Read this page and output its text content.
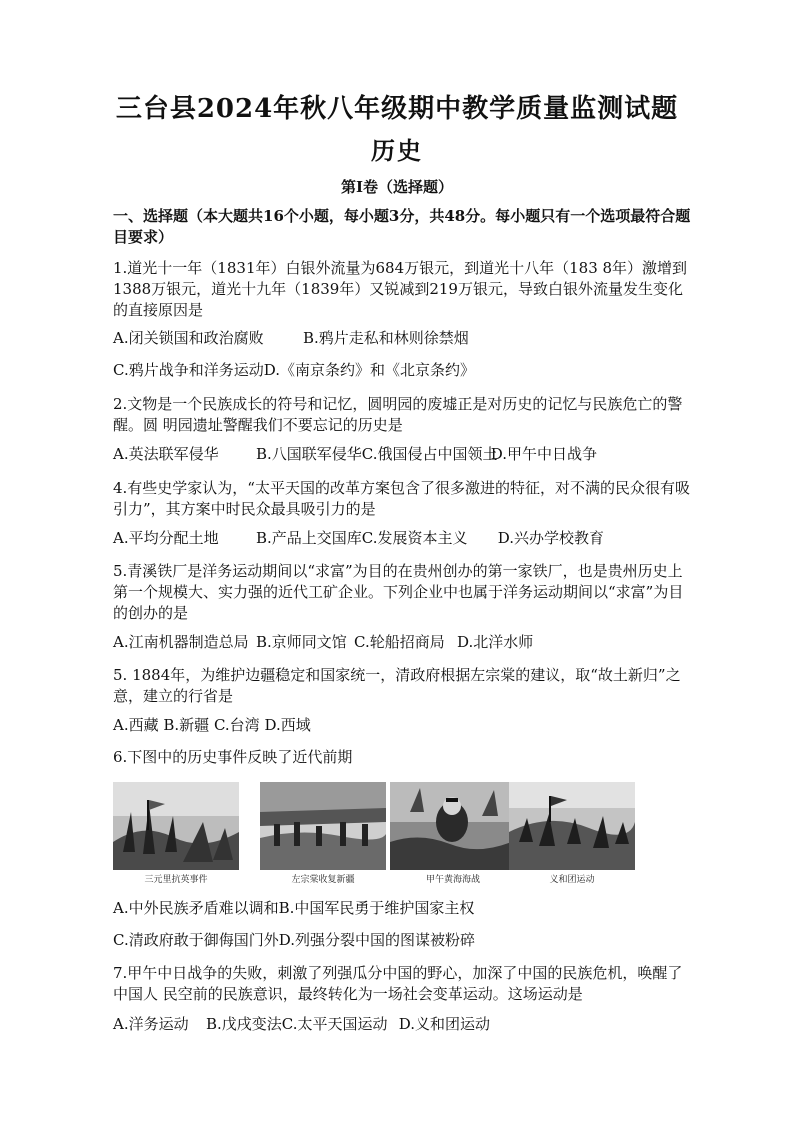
三台县2024年秋八年级期中教学质量监测试题
历史
第Ⅰ卷（选择题）
一、选择题（本大题共16个小题，每小题3分，共48分。每小题只有一个选项最符合题目要求）
1.道光十一年（1831年）白银外流量为684万银元，到道光十八年（183 8年）激增到1388万银元，道光十九年（1839年）又锐减到219万银元，导致白银外流量发生变化的直接原因是
A.闭关锁国和政治腐败	B.鸦片走私和林则徐禁烟
C.鸦片战争和洋务运动D.《南京条约》和《北京条约》
2.文物是一个民族成长的符号和记忆，圆明园的废墟正是对历史的记忆与民族危亡的警醒。圆 明园遗址警醒我们不要忘记的历史是
A.英法联军侵华 B.八国联军侵华C.俄国侵占中国领土D.甲午中日战争
4.有些史学家认为，“太平天国的改革方案包含了很多激进的特征，对不满的民众很有吸引力”，其方案中时民众最具吸引力的是
A.平均分配土地 B.产品上交国库C.发展资本主义 D.兴办学校教育
5.青溪铁厂是洋务运动期间以“求富”为目的在贵州创办的第一家铁厂，也是贵州历史上第一个规模大、实力强的近代工矿企业。下列企业中也属于洋务运动期间以“求富”为目的创办的是
A.江南机器制造总局 B.京师同文馆 C.轮船招商局 D.北洋水师
5. 1884年，为维护边疆稳定和国家统一，清政府根据左宗棠的建议，取“故土新归”之意，建立的行省是
A.西藏 B.新疆 C.台湾 D.西域
6.下图中的历史事件反映了近代前期
三元里抗英事件	左宗棠收复新疆	甲午黄海海战	义和团运动
A.中外民族矛盾难以调和B.中国军民勇于维护国家主权
C.清政府敢于御侮国门外D.列强分裂中国的图谋被粉碎
7.甲午中日战争的失败，刺激了列强瓜分中国的野心，加深了中国的民族危机，唤醒了中国人 民空前的民族意识，最终转化为一场社会变革运动。这场运动是
A.洋务运动 B.戊戌变法C.太平天国运动 D.义和团运动
